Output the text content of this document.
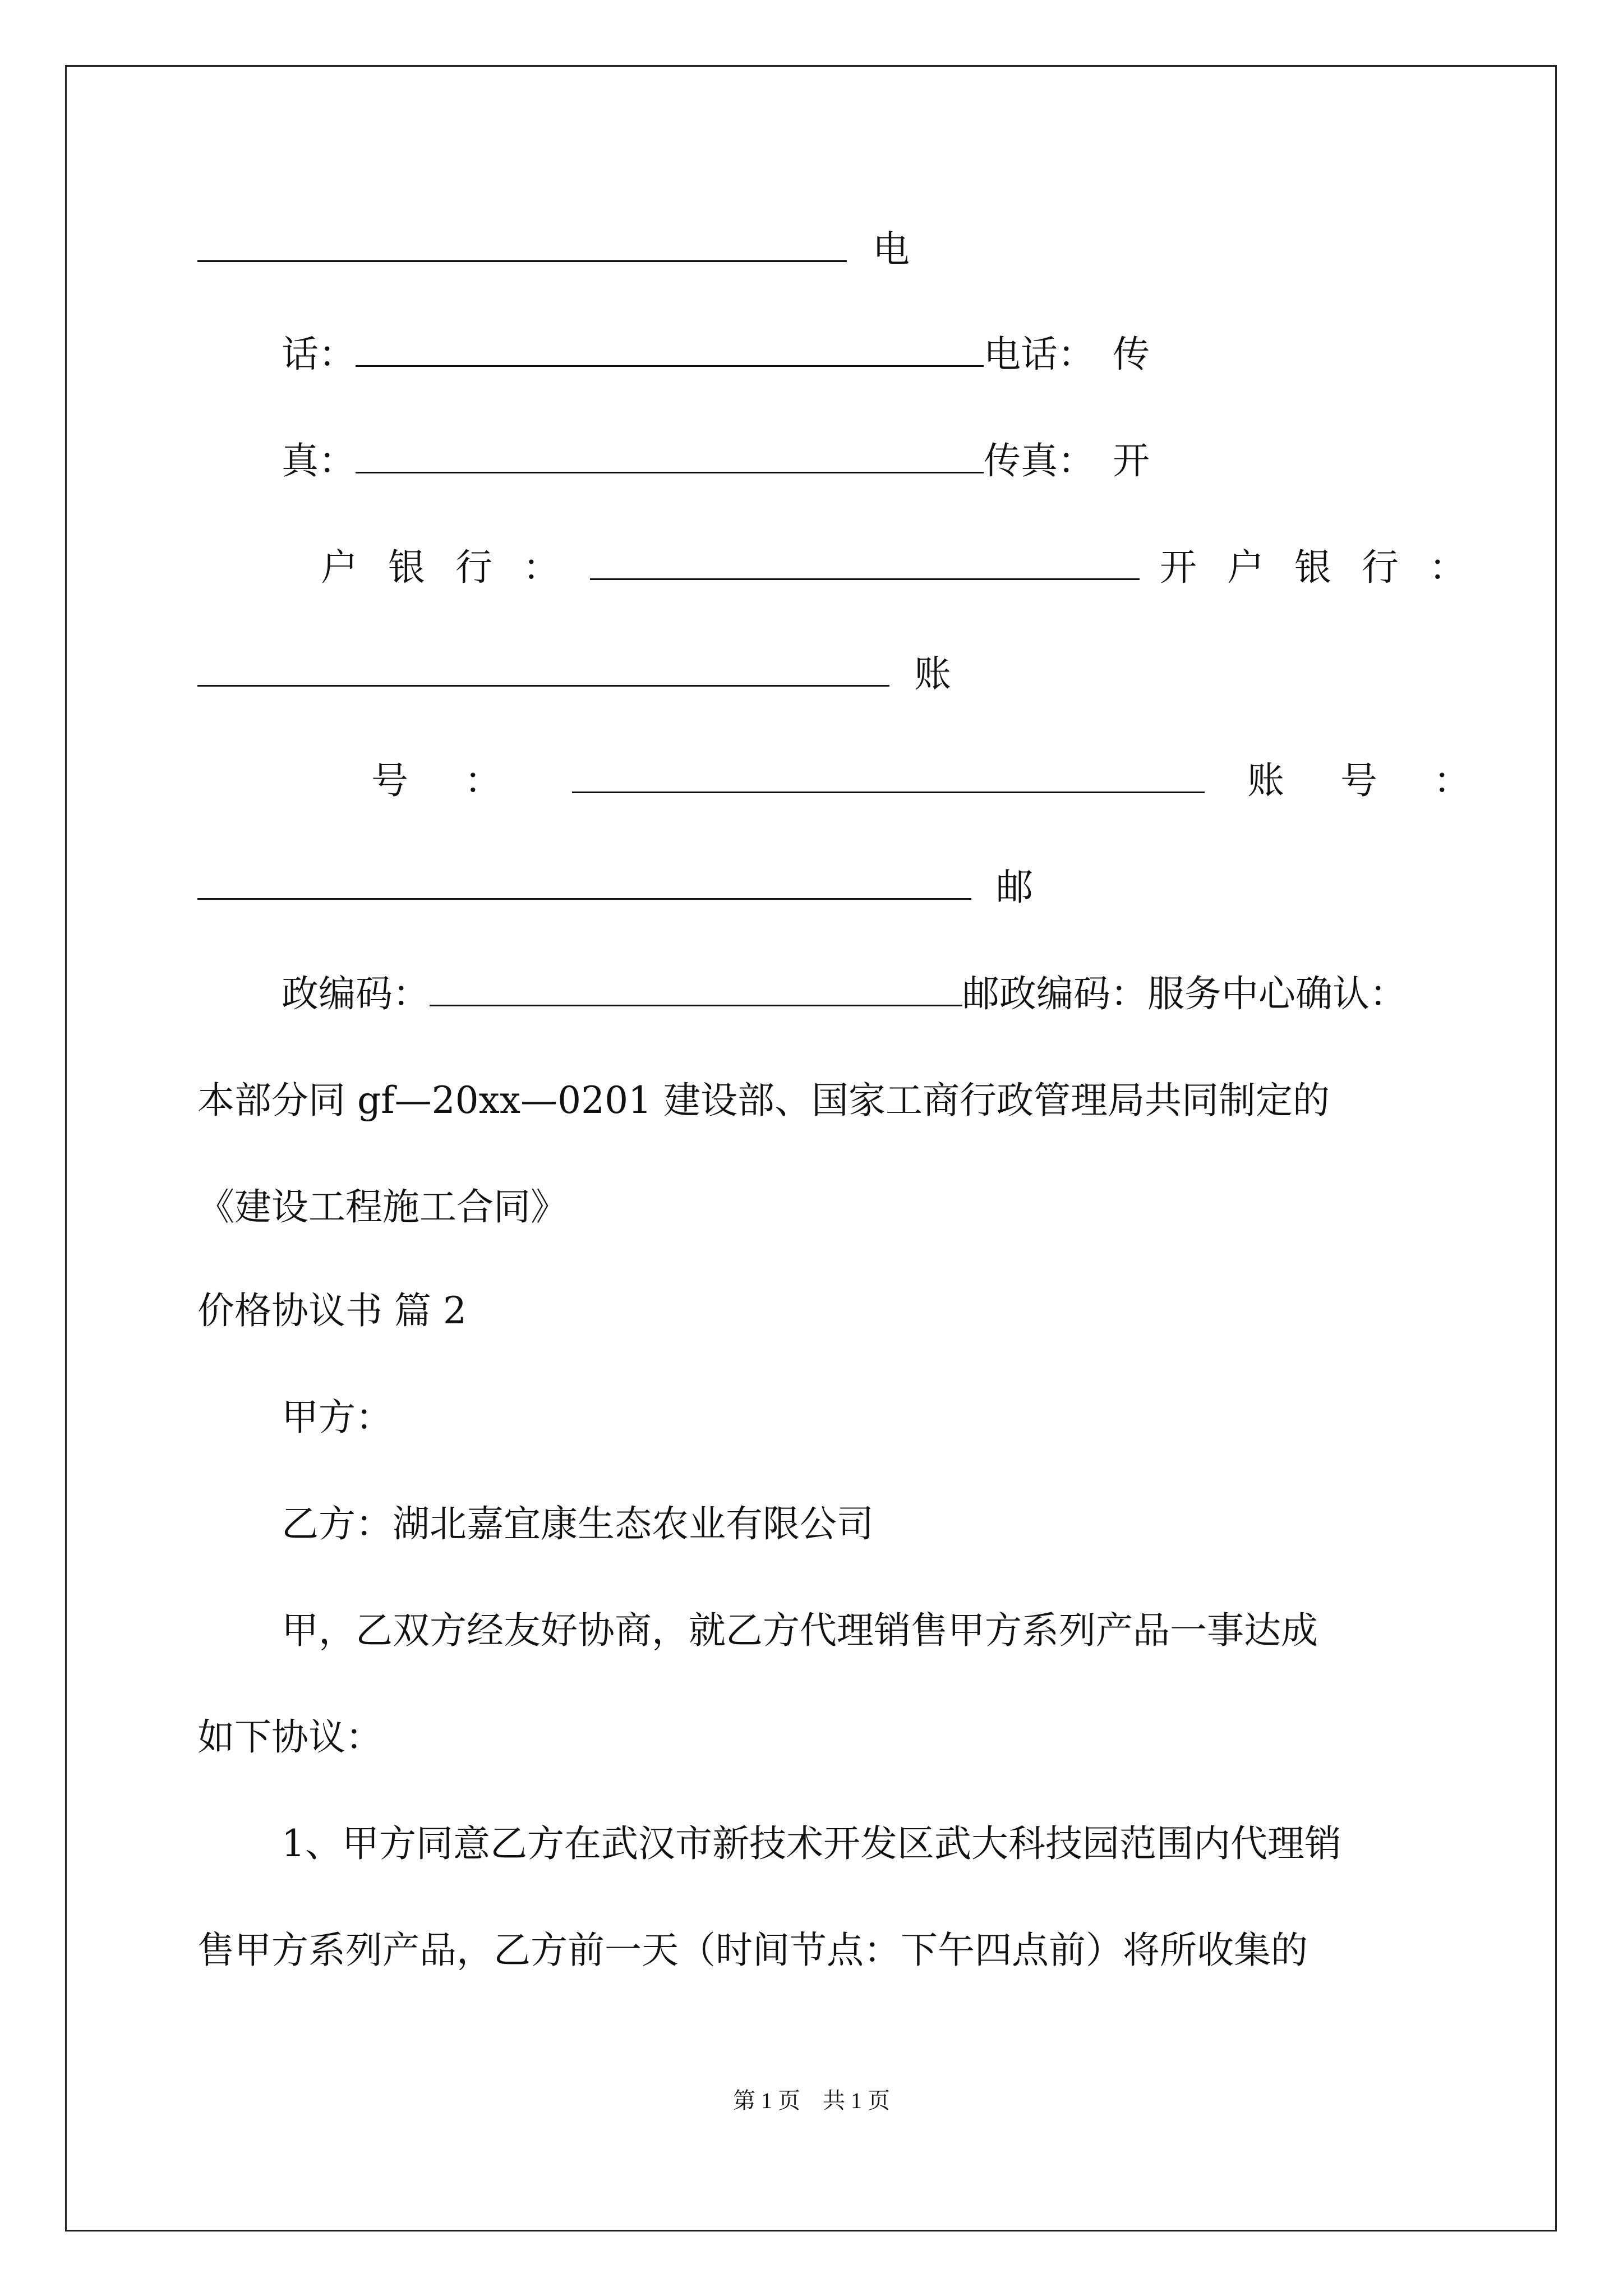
电
话：	电话： 传
真：	传真： 开
户银行：	开户银行：
账
号：	账号：
邮
政编码：	邮政编码：服务中心确认：
本部分同 gf—20xx—0201 建设部、国家工商行政管理局共同制定的
《建设工程施工合同》
价格协议书 篇 2
甲方：
乙方：湖北嘉宜康生态农业有限公司
甲，乙双方经友好协商，就乙方代理销售甲方系列产品一事达成
如下协议：
1、甲方同意乙方在武汉市新技术开发区武大科技园范围内代理销
售甲方系列产品，乙方前一天（时间节点：下午四点前）将所收集的
第 1 页　共 1 页
